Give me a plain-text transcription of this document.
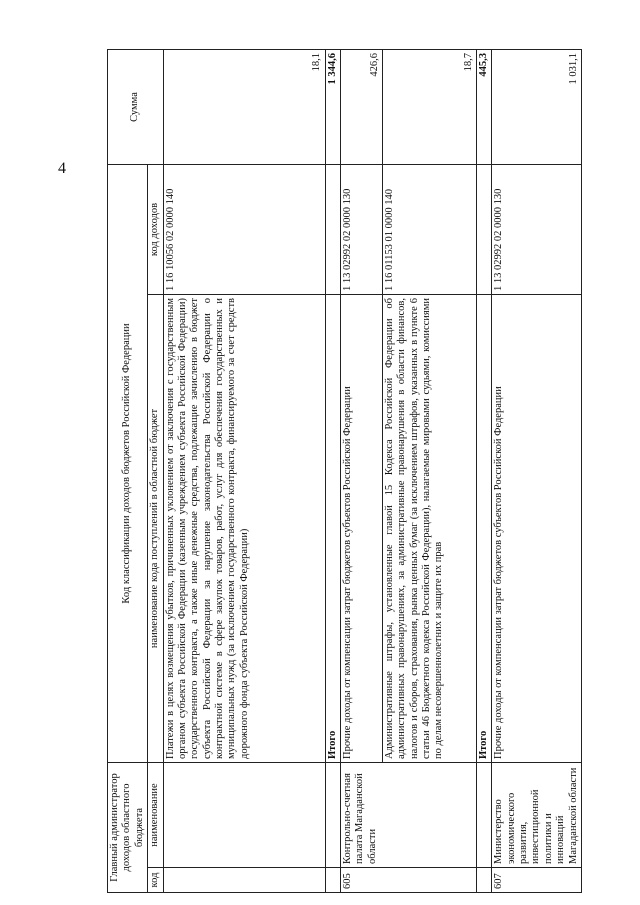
4
Главный администратор доходов областного бюджета		Код классификации доходов бюджетов Российской Федерации		Сумма
код	наименование	наименование кода поступлений в областной бюджет	код доходов	
		Платежи в целях возмещения убытков, причиненных уклонением от заключения с государственным органом субъекта Российской Федерации (казенным учреждением субъекта Российской Федерации) государственного контракта, а также иные денежные средства, подлежащие зачислению в бюджет субъекта Российской Федерации за нарушение законодательства Российской Федерации о контрактной системе в сфере закупок товаров, работ, услуг для обеспечения государственных и муниципальных нужд (за исключением государственного контракта, финансируемого за счет средств дорожного фонда субъекта Российской Федерации)	1 16 10056 02 0000 140	18,1
		Итого		1 344,6
605	Контрольно-счетная палата Магаданской области	Прочие доходы от компенсации затрат бюджетов субъектов Российской Федерации	1 13 02992 02 0000 130	426,6
		Административные штрафы, установленные главой 15 Кодекса Российской Федерации об административных правонарушениях, за административные правонарушения в области финансов, налогов и сборов, страхования, рынка ценных бумаг (за исключением штрафов, указанных в пункте 6 статьи 46 Бюджетного кодекса Российской Федерации), налагаемые мировыми судьями, комиссиями по делам несовершеннолетних и защите их прав	1 16 01153 01 0000 140	18,7
		Итого		445,3
607	Министерство экономического развития, инвестиционной политики и инноваций Магаданской области	Прочие доходы от компенсации затрат бюджетов субъектов Российской Федерации	1 13 02992 02 0000 130	1 031,1
